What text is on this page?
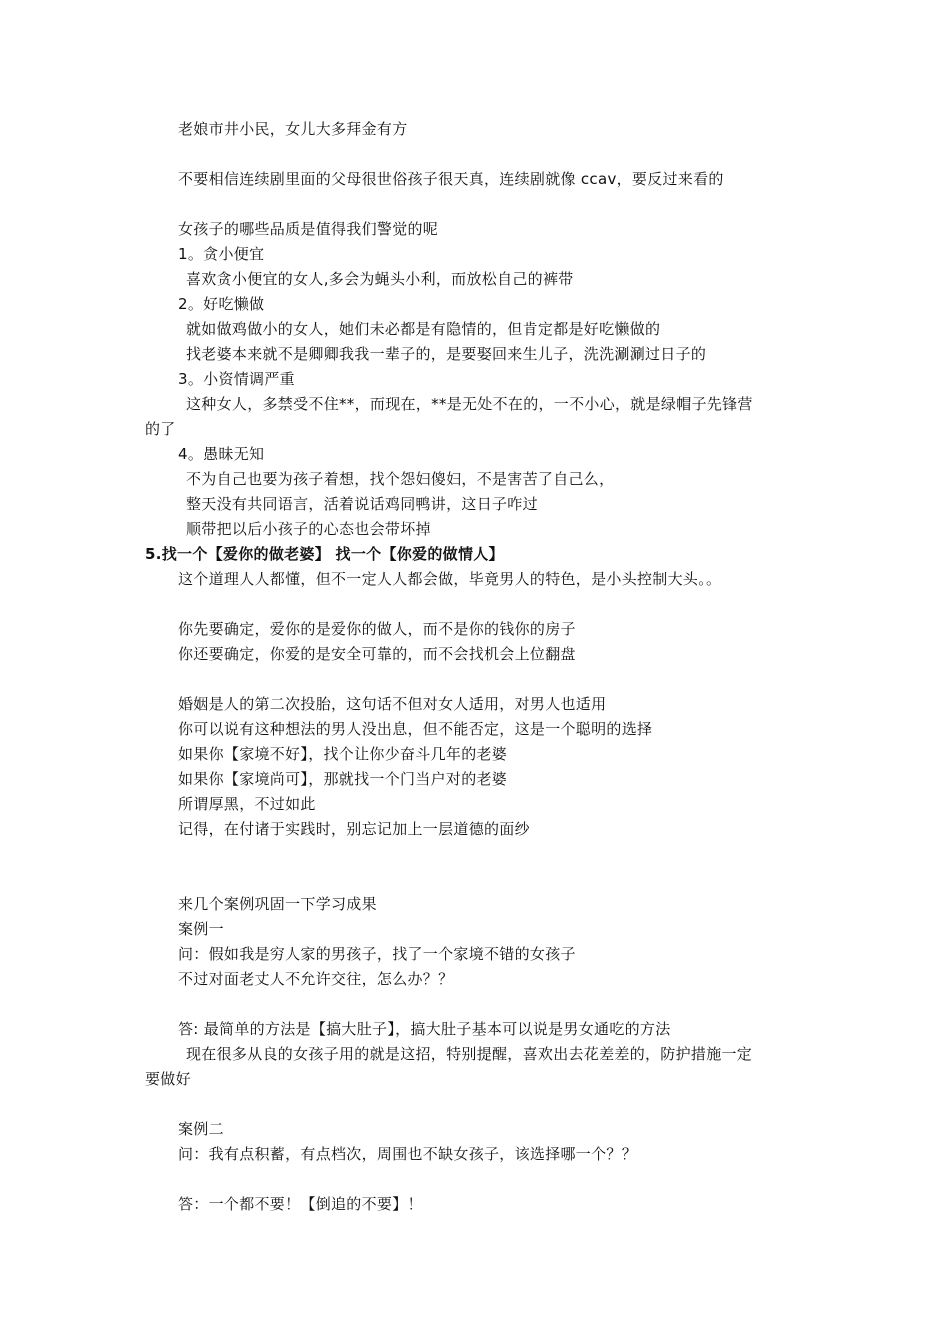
老娘市井小民，女儿大多拜金有方
不要相信连续剧里面的父母很世俗孩子很天真，连续剧就像 ccav，要反过来看的
女孩子的哪些品质是值得我们警觉的呢
1。贪小便宜
喜欢贪小便宜的女人,多会为蝇头小利，而放松自己的裤带
2。好吃懒做
就如做鸡做小的女人，她们未必都是有隐情的，但肯定都是好吃懒做的
找老婆本来就不是卿卿我我一辈子的，是要娶回来生儿子，洗洗涮涮过日子的
3。小资情调严重
这种女人，多禁受不住**，而现在，**是无处不在的，一不小心，就是绿帽子先锋营
的了
4。愚昧无知
不为自己也要为孩子着想，找个怨妇傻妇，不是害苦了自己么，
整天没有共同语言，活着说话鸡同鸭讲，这日子咋过
顺带把以后小孩子的心态也会带坏掉
5.找一个【爱你的做老婆】 找一个【你爱的做情人】
这个道理人人都懂，但不一定人人都会做，毕竟男人的特色，是小头控制大头。。
你先要确定，爱你的是爱你的做人，而不是你的钱你的房子
你还要确定，你爱的是安全可靠的，而不会找机会上位翻盘
婚姻是人的第二次投胎，这句话不但对女人适用，对男人也适用
你可以说有这种想法的男人没出息，但不能否定，这是一个聪明的选择
如果你【家境不好】，找个让你少奋斗几年的老婆
如果你【家境尚可】，那就找一个门当户对的老婆
所谓厚黑，不过如此
记得，在付诸于实践时，别忘记加上一层道德的面纱
来几个案例巩固一下学习成果
案例一
问：假如我是穷人家的男孩子，找了一个家境不错的女孩子
不过对面老丈人不允许交往，怎么办？？
答: 最简单的方法是【搞大肚子】，搞大肚子基本可以说是男女通吃的方法
现在很多从良的女孩子用的就是这招，特别提醒，喜欢出去花差差的，防护措施一定
要做好
案例二
问：我有点积蓄，有点档次，周围也不缺女孩子，该选择哪一个？？
答：一个都不要！【倒追的不要】！
